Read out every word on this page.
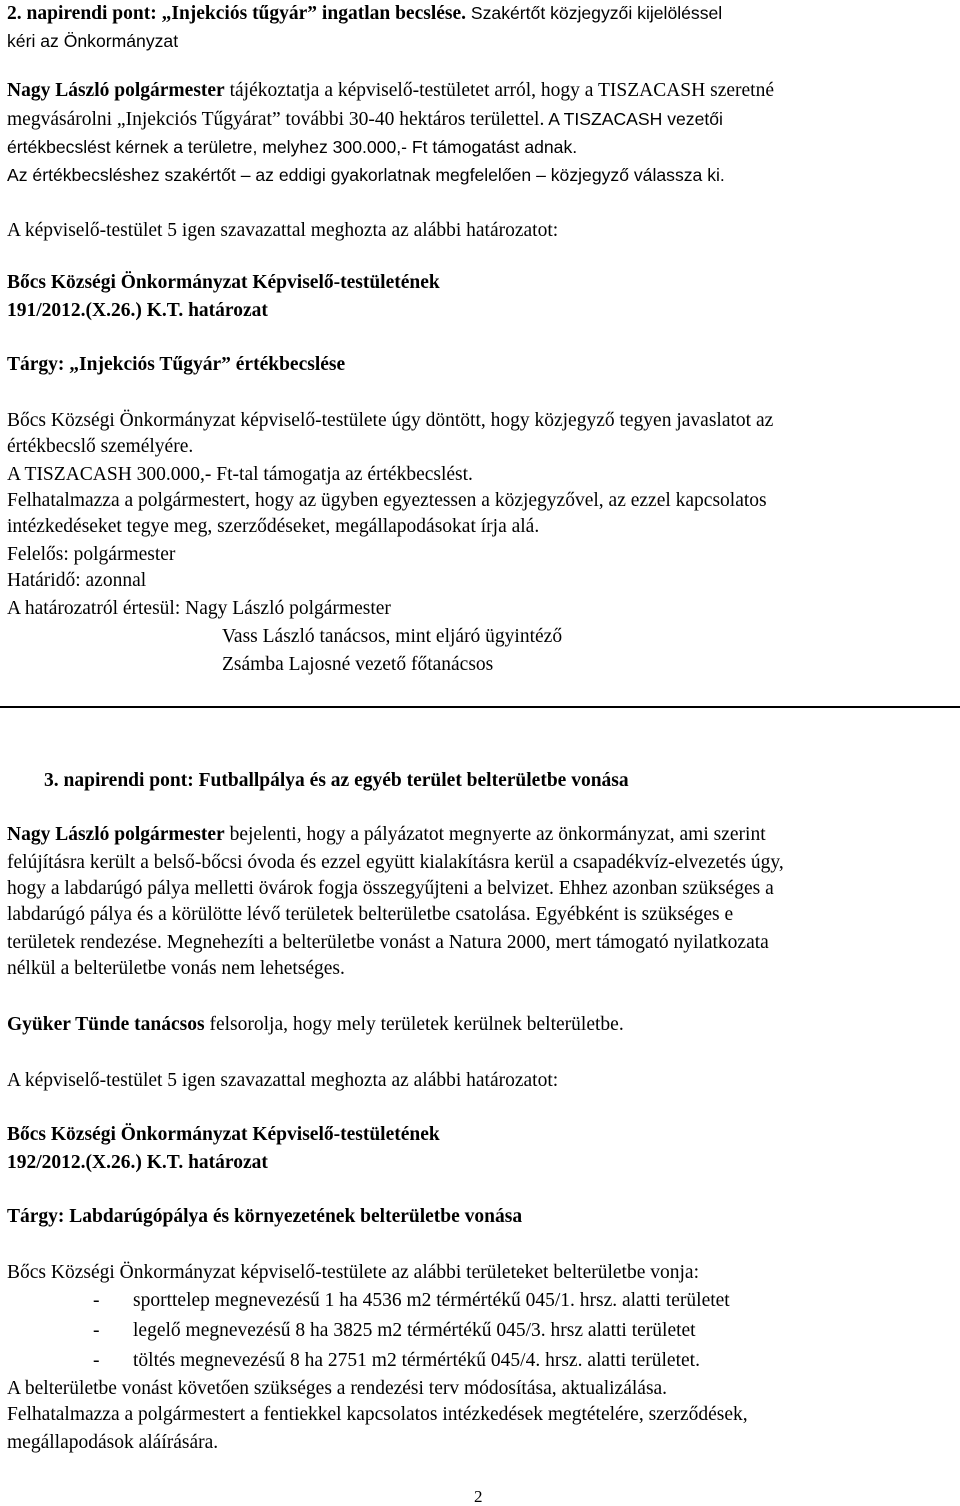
2. napirendi pont: „Injekciós tűgyár” ingatlan becslése. Szakértőt közjegyzői kijelöléssel
kéri az Önkormányzat
Nagy László polgármester tájékoztatja a képviselő-testületet arról, hogy a TISZACASH szeretné
megvásárolni „Injekciós Tűgyárat” további 30-40 hektáros területtel. A TISZACASH vezetői
értékbecslést kérnek a területre, melyhez 300.000,- Ft támogatást adnak.
Az értékbecsléshez szakértőt – az eddigi gyakorlatnak megfelelően – közjegyző válassza ki.
A képviselő-testület 5 igen szavazattal meghozta az alábbi határozatot:
Bőcs Községi Önkormányzat Képviselő-testületének
191/2012.(X.26.) K.T. határozat
Tárgy: „Injekciós Tűgyár” értékbecslése
Bőcs Községi Önkormányzat képviselő-testülete úgy döntött, hogy közjegyző tegyen javaslatot az
értékbecslő személyére.
A TISZACASH 300.000,- Ft-tal támogatja az értékbecslést.
Felhatalmazza a polgármestert, hogy az ügyben egyeztessen a közjegyzővel, az ezzel kapcsolatos
intézkedéseket tegye meg, szerződéseket, megállapodásokat írja alá.
Felelős: polgármester
Határidő: azonnal
A határozatról értesül: Nagy László polgármester
Vass László tanácsos, mint eljáró ügyintéző
Zsámba Lajosné vezető főtanácsos
3. napirendi pont: Futballpálya és az egyéb terület belterületbe vonása
Nagy László polgármester bejelenti, hogy a pályázatot megnyerte az önkormányzat, ami szerint
felújításra került a belső-bőcsi óvoda és ezzel együtt kialakításra kerül a csapadékvíz-elvezetés úgy,
hogy a labdarúgó pálya melletti övárok fogja összegyűjteni a belvizet. Ehhez azonban szükséges a
labdarúgó pálya és a körülötte lévő területek belterületbe csatolása. Egyébként is szükséges e
területek rendezése. Megnehezíti a belterületbe vonást a Natura 2000, mert támogató nyilatkozata
nélkül a belterületbe vonás nem lehetséges.
Gyüker Tünde tanácsos felsorolja, hogy mely területek kerülnek belterületbe.
A képviselő-testület 5 igen szavazattal meghozta az alábbi határozatot:
Bőcs Községi Önkormányzat Képviselő-testületének
192/2012.(X.26.) K.T. határozat
Tárgy: Labdarúgópálya és környezetének belterületbe vonása
Bőcs Községi Önkormányzat képviselő-testülete az alábbi területeket belterületbe vonja:
- sporttelep megnevezésű 1 ha 4536 m2 térmértékű 045/1. hrsz. alatti területet
- legelő megnevezésű 8 ha 3825 m2 térmértékű 045/3. hrsz alatti területet
- töltés megnevezésű 8 ha 2751 m2 térmértékű 045/4. hrsz. alatti területet.
A belterületbe vonást követően szükséges a rendezési terv módosítása, aktualizálása.
Felhatalmazza a polgármestert a fentiekkel kapcsolatos intézkedések megtételére, szerződések,
megállapodások aláírására.
2
